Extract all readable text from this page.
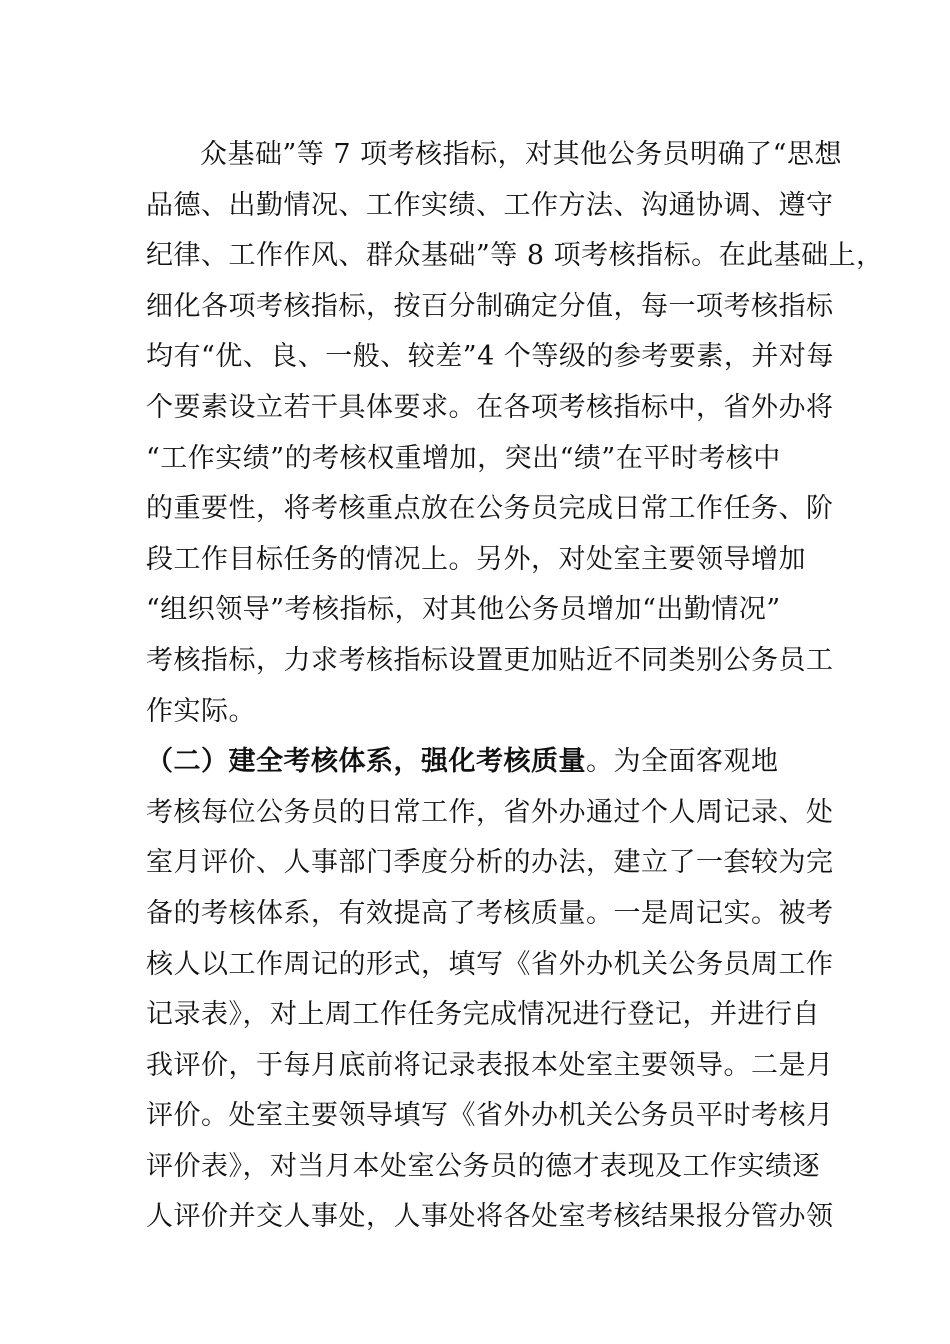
众基础”等 7 项考核指标，对其他公务员明确了“思想
品德、出勤情况、工作实绩、工作方法、沟通协调、遵守
纪律、工作作风、群众基础”等 8 项考核指标。在此基础上，
细化各项考核指标，按百分制确定分值，每一项考核指标
均有“优、良、一般、较差”4 个等级的参考要素，并对每
个要素设立若干具体要求。在各项考核指标中，省外办将
“工作实绩”的考核权重增加，突出“绩”在平时考核中
的重要性，将考核重点放在公务员完成日常工作任务、阶
段工作目标任务的情况上。另外，对处室主要领导增加
“组织领导”考核指标，对其他公务员增加“出勤情况”
考核指标，力求考核指标设置更加贴近不同类别公务员工
作实际。
（二）建全考核体系，强化考核质量。为全面客观地
考核每位公务员的日常工作，省外办通过个人周记录、处
室月评价、人事部门季度分析的办法，建立了一套较为完
备的考核体系，有效提高了考核质量。一是周记实。被考
核人以工作周记的形式，填写《省外办机关公务员周工作
记录表》，对上周工作任务完成情况进行登记，并进行自
我评价，于每月底前将记录表报本处室主要领导。二是月
评价。处室主要领导填写《省外办机关公务员平时考核月
评价表》，对当月本处室公务员的德才表现及工作实绩逐
人评价并交人事处，人事处将各处室考核结果报分管办领
